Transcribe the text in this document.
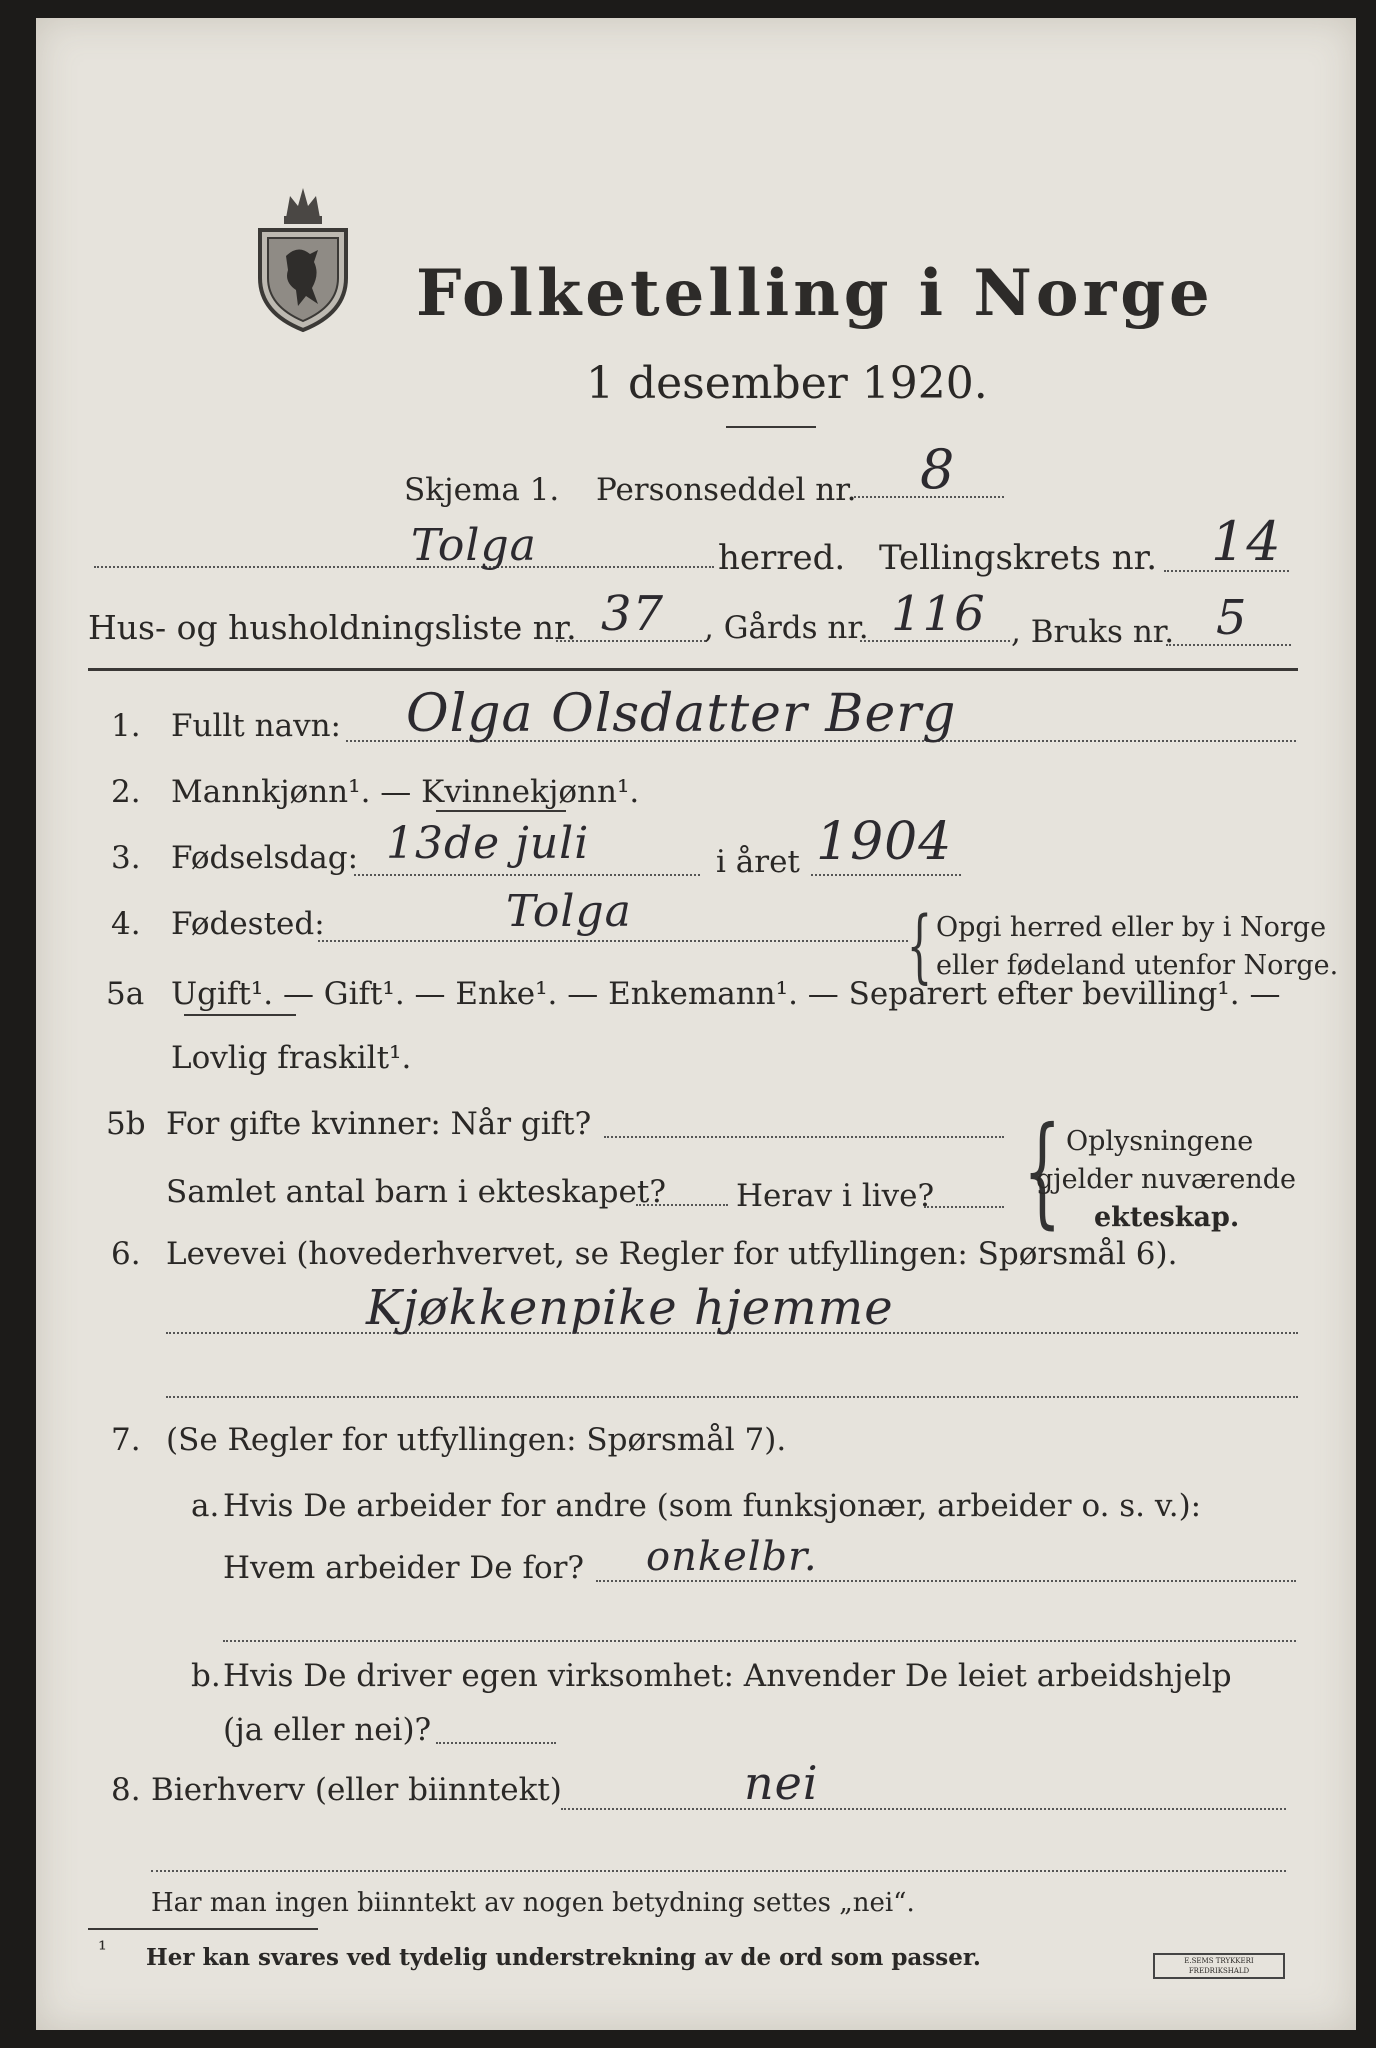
Folketelling i Norge
1 desember 1920.
Skjema 1. Personseddel nr. 8
Tolga	herred. Tellingskrets nr. 14
Hus- og husholdningsliste nr. 37 , Gårds nr. 116 , Bruks nr. 5
1. Fullt navn: Olga Olsdatter Berg
2. Mannkjønn¹. — Kvinnekjønn¹.
3. Fødselsdag: 13de juli	i året 1904
4. Fødested:	Tolga	{ Opgi herred eller by i Norge
eller fødeland utenfor Norge.
5a Ugift¹. — Gift¹. — Enke¹. — Enkemann¹. — Separert efter bevilling¹. —
Lovlig fraskilt¹.
5b For gifte kvinner: Når gift?
Samlet antal barn i ekteskapet? Herav i live? { Oplysningene
gjelder nuværende
ekteskap.
6. Levevei (hovederhvervet, se Regler for utfyllingen: Spørsmål 6).
Kjøkkenpike hjemme
7. (Se Regler for utfyllingen: Spørsmål 7).
a. Hvis De arbeider for andre (som funksjonær, arbeider o. s. v.):
Hvem arbeider De for? onkelbr.
b. Hvis De driver egen virksomhet: Anvender De leiet arbeidshjelp
(ja eller nei)?
8. Bierhverv (eller biinntekt)	nei
Har man ingen biinntekt av nogen betydning settes „nei“.
¹ Her kan svares ved tydelig understrekning av de ord som passer.	E.SEMS TRYKKERI FREDRIKSHALD
